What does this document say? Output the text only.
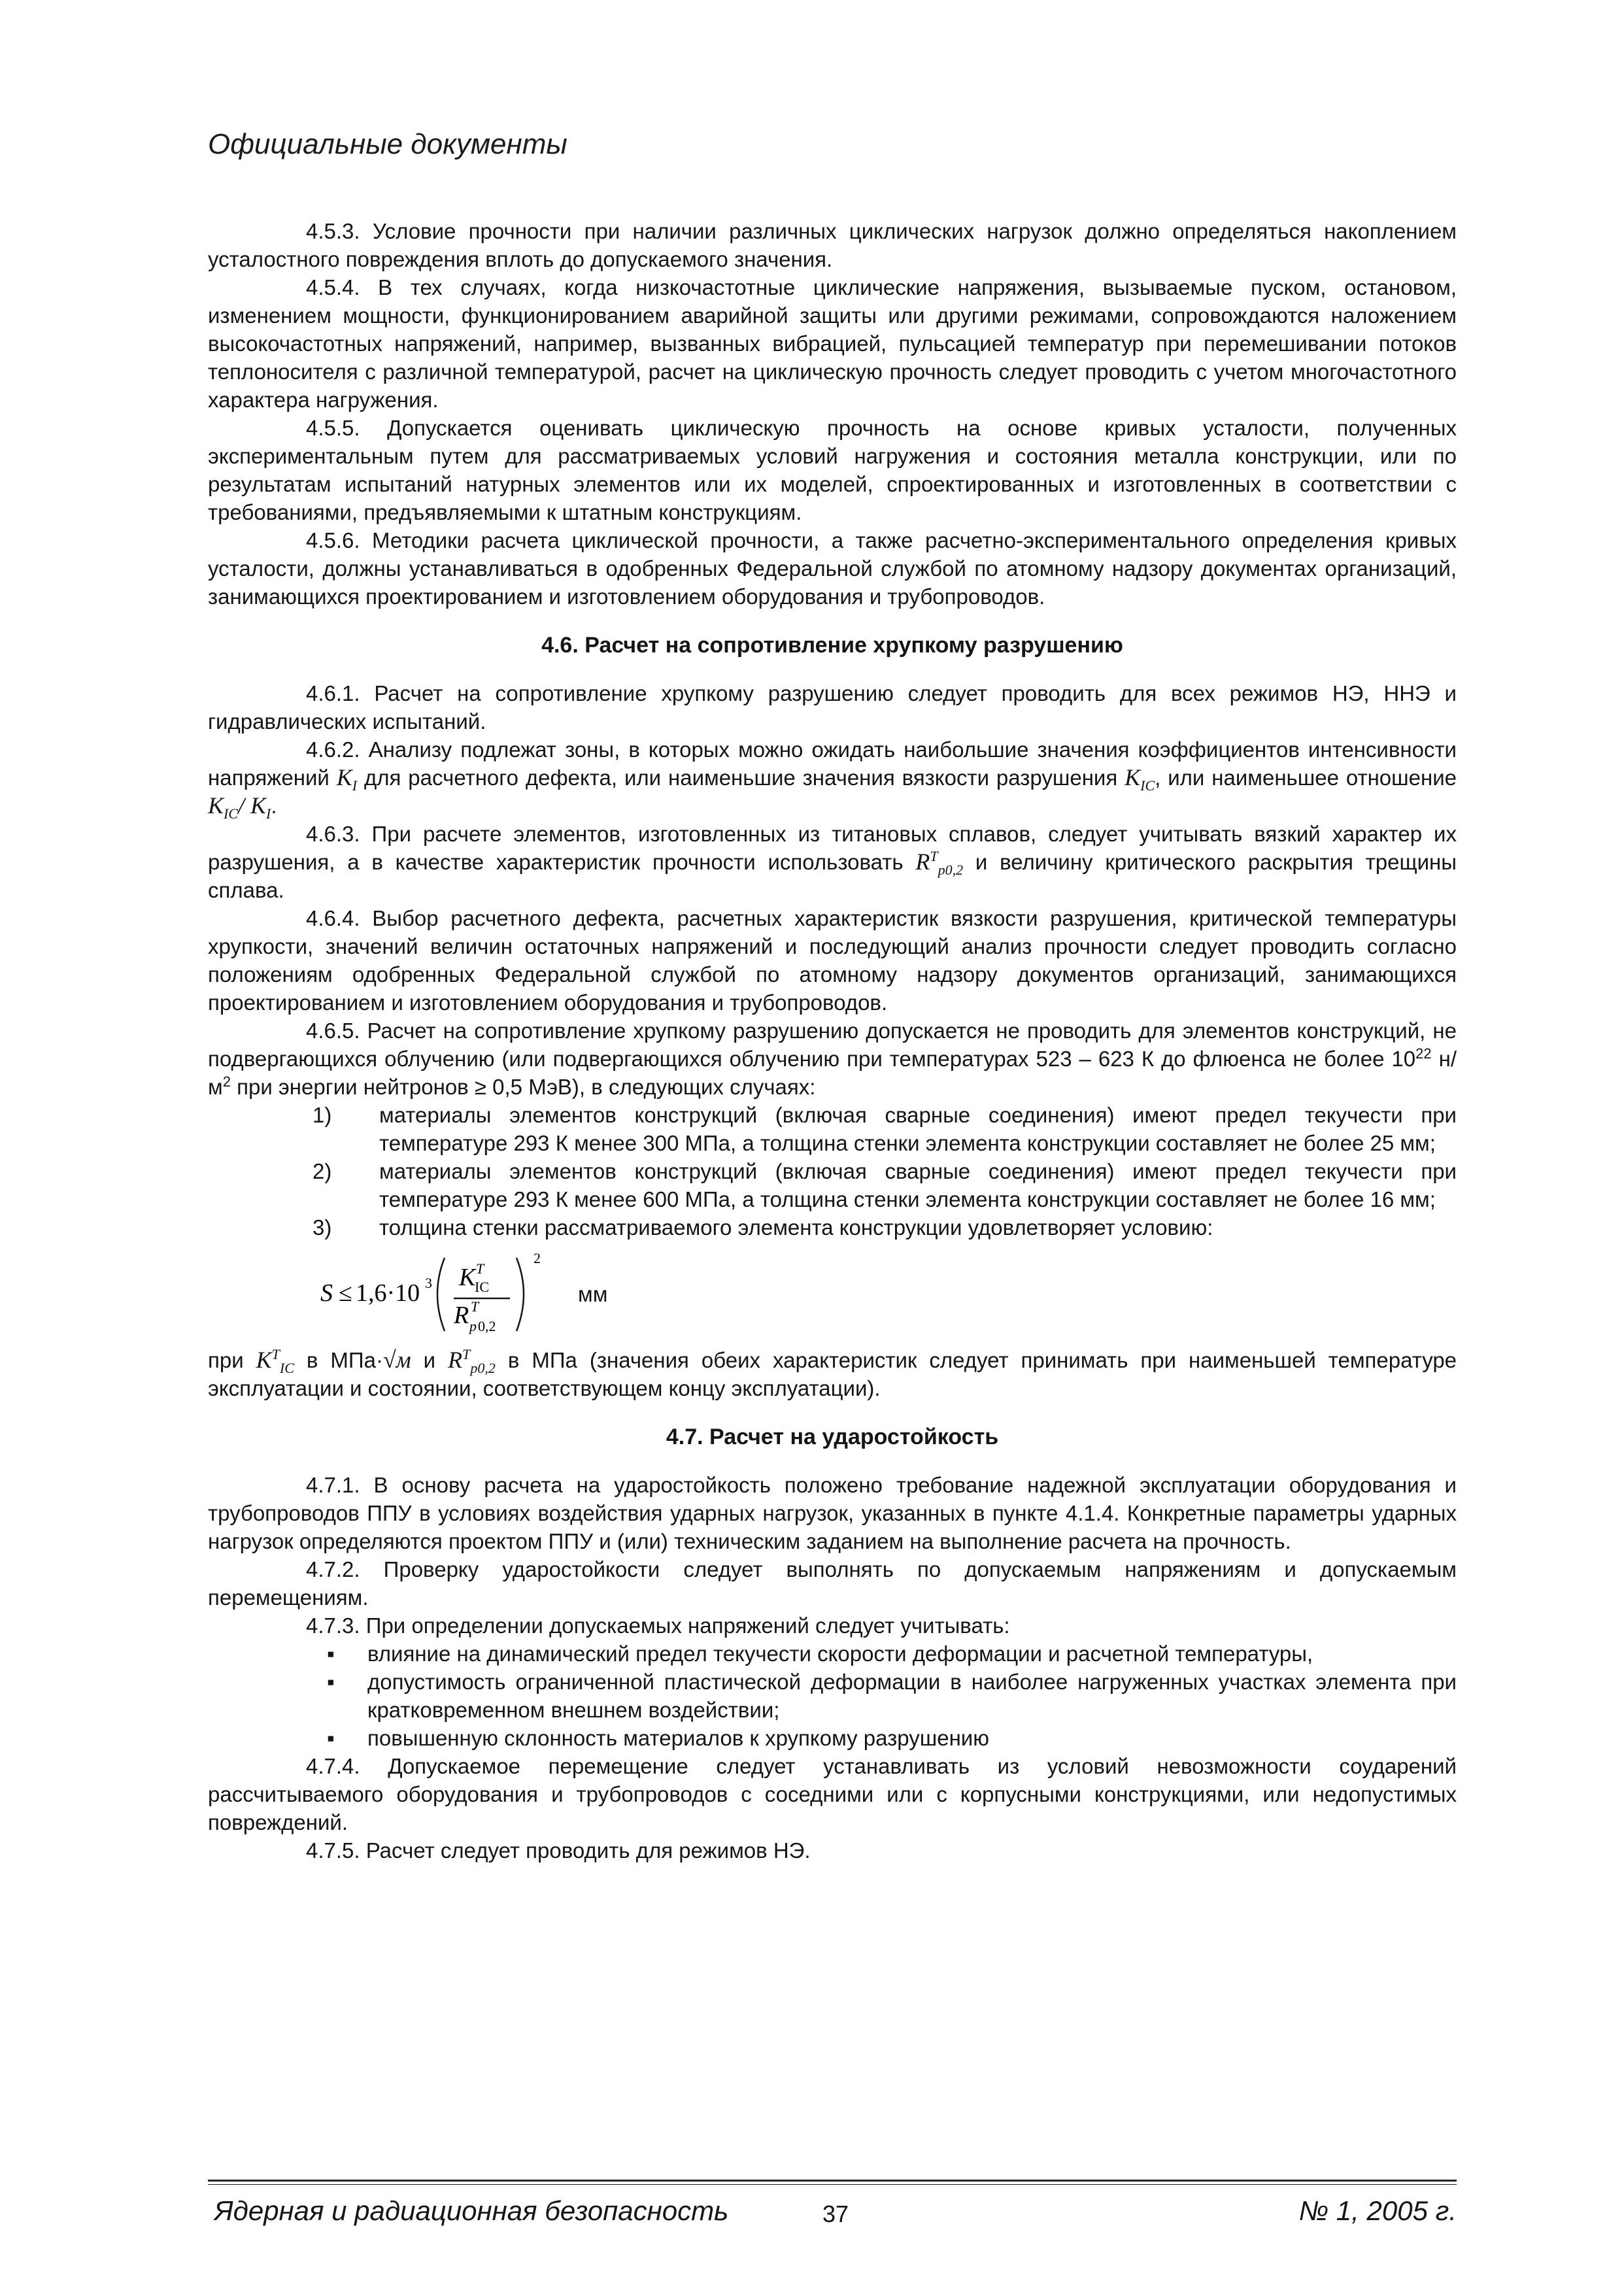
Официальные документы

4.5.3. Условие прочности при наличии различных циклических нагрузок должно определяться накоплением усталостного повреждения вплоть до допускаемого значения.

4.5.4. В тех случаях, когда низкочастотные циклические напряжения, вызываемые пуском, остановом, изменением мощности, функционированием аварийной защиты или другими режимами, сопровождаются наложением высокочастотных напряжений, например, вызванных вибрацией, пульсацией температур при перемешивании потоков теплоносителя с различной температурой, расчет на циклическую прочность следует проводить с учетом многочастотного характера нагружения.

4.5.5. Допускается оценивать циклическую прочность на основе кривых усталости, полученных экспериментальным путем для рассматриваемых условий нагружения и состояния металла конструкции, или по результатам испытаний натурных элементов или их моделей, спроектированных и изготовленных в соответствии с требованиями, предъявляемыми к штатным конструкциям.

4.5.6. Методики расчета циклической прочности, а также расчетно-экспериментального определения кривых усталости, должны устанавливаться в одобренных Федеральной службой по атомному надзору документах организаций, занимающихся проектированием и изготовлением оборудования и трубопроводов.

4.6. Расчет на сопротивление хрупкому разрушению

4.6.1. Расчет на сопротивление хрупкому разрушению следует проводить для всех режимов НЭ, ННЭ и гидравлических испытаний.

4.6.2. Анализу подлежат зоны, в которых можно ожидать наибольшие значения коэффициентов интенсивности напряжений $K_I$ для расчетного дефекта, или наименьшие значения вязкости разрушения $K_{IC}$, или наименьшее отношение $K_{IC}/$ $K_I$.

4.6.3. При расчете элементов, изготовленных из титановых сплавов, следует учитывать вязкий характер их разрушения, а в качестве характеристик прочности использовать $R^T_{p0,2}$ и величину критического раскрытия трещины сплава.

4.6.4. Выбор расчетного дефекта, расчетных характеристик вязкости разрушения, критической температуры хрупкости, значений величин остаточных напряжений и последующий анализ прочности следует проводить согласно положениям одобренных Федеральной службой по атомному надзору документов организаций, занимающихся проектированием и изготовлением оборудования и трубопроводов.

4.6.5. Расчет на сопротивление хрупкому разрушению допускается не проводить для элементов конструкций, не подвергающихся облучению (или подвергающихся облучению при температурах 523 – 623 К до флюенса не более $10^{22}$ $н/м^2$ при энергии нейтронов ≥ 0,5 МэВ), в следующих случаях:

1) материалы элементов конструкций (включая сварные соединения) имеют предел текучести при температуре 293 К менее 300 МПа, а толщина стенки элемента конструкции составляет не более 25 мм;
2) материалы элементов конструкций (включая сварные соединения) имеют предел текучести при температуре 293 К менее 600 МПа, а толщина стенки элемента конструкции составляет не более 16 мм;
3) толщина стенки рассматриваемого элемента конструкции удовлетворяет условию:
S ≤ 1,6·10 3 K T
IC
R T
p 0,2
2
мм

при $K^T_{IC}$ в МПа·√м и $R^T_{p0,2}$ в МПа (значения обеих характеристик следует принимать при наименьшей температуре эксплуатации и состоянии, соответствующем концу эксплуатации).

4.7. Расчет на ударостойкость

4.7.1. В основу расчета на ударостойкость положено требование надежной эксплуатации оборудования и трубопроводов ППУ в условиях воздействия ударных нагрузок, указанных в пункте 4.1.4. Конкретные параметры ударных нагрузок определяются проектом ППУ и (или) техническим заданием на выполнение расчета на прочность.

4.7.2. Проверку ударостойкости следует выполнять по допускаемым напряжениям и допускаемым перемещениям.

4.7.3. При определении допускаемых напряжений следует учитывать:

▪ влияние на динамический предел текучести скорости деформации и расчетной температуры,
▪ допустимость ограниченной пластической деформации в наиболее нагруженных участках элемента при кратковременном внешнем воздействии;
▪ повышенную склонность материалов к хрупкому разрушению

4.7.4. Допускаемое перемещение следует устанавливать из условий невозможности соударений рассчитываемого оборудования и трубопроводов с соседними или с корпусными конструкциями, или недопустимых повреждений.

4.7.5. Расчет следует проводить для режимов НЭ.

Ядерная и радиационная безопасность	37	№ 1, 2005 г.
